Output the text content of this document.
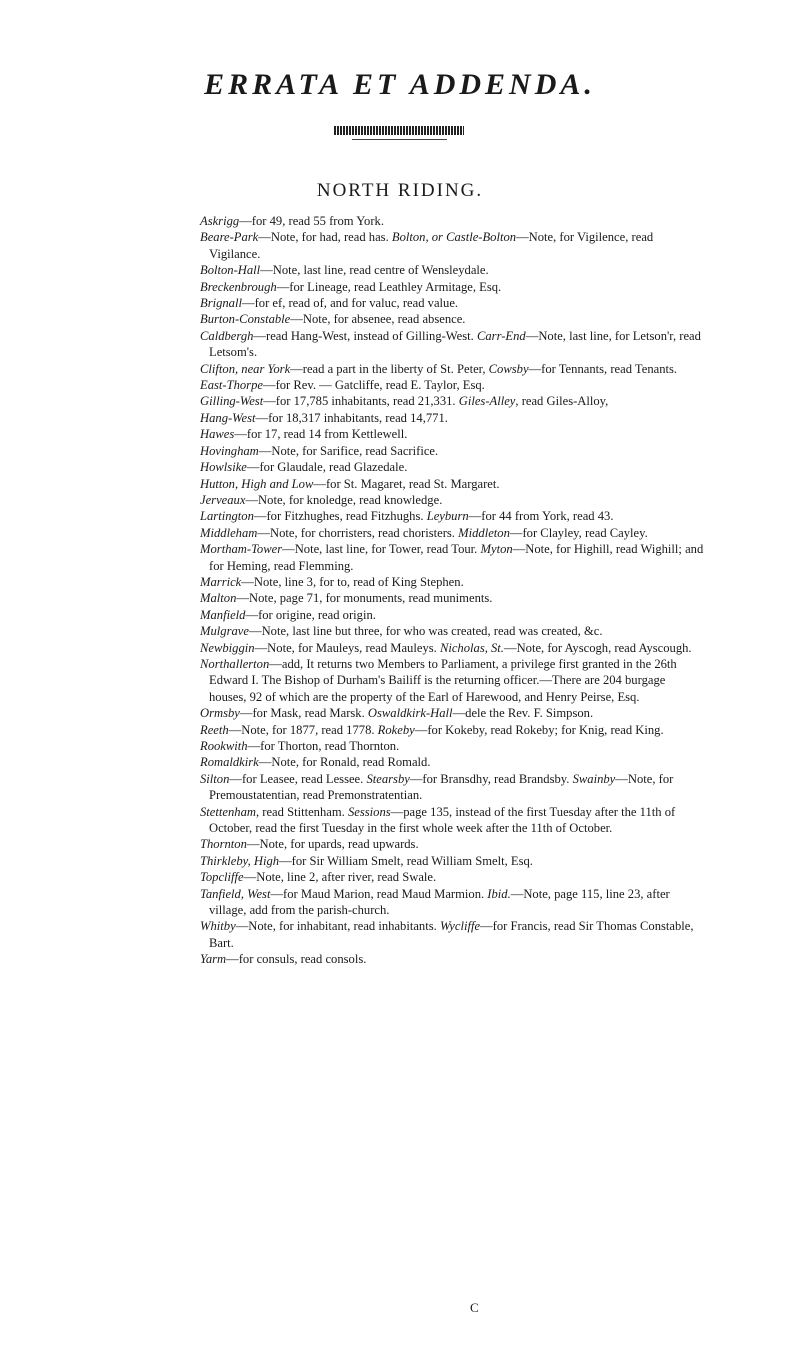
ERRATA ET ADDENDA.
NORTH RIDING.
Askrigg—for 49, read 55 from York.
Beare-Park—Note, for had, read has. Bolton, or Castle-Bolton—Note, for Vigilence, read Vigilance.
Bolton-Hall—Note, last line, read centre of Wensleydale.
Breckenbrough—for Lineage, read Leathley Armitage, Esq.
Brignall—for ef, read of, and for valuc, read value.
Burton-Constable—Note, for absenee, read absence.
Caldbergh—read Hang-West, instead of Gilling-West. Carr-End—Note, last line, for Letson'r, read Letsom's.
Clifton, near York—read a part in the liberty of St. Peter, Cowsby—for Tennants, read Tenants.
East-Thorpe—for Rev. — Gatcliffe, read E. Taylor, Esq.
Gilling-West—for 17,785 inhabitants, read 21,331. Giles-Alley, read Giles-Alloy,
Hang-West—for 18,317 inhabitants, read 14,771.
Hawes—for 17, read 14 from Kettlewell.
Hovingham—Note, for Sarifice, read Sacrifice.
Howlsike—for Glaudale, read Glazedale.
Hutton, High and Low—for St. Magaret, read St. Margaret.
Jerveaux—Note, for knoledge, read knowledge.
Lartington—for Fitzhughes, read Fitzhughs. Leyburn—for 44 from York, read 43.
Middleham—Note, for chorristers, read choristers. Middleton—for Clayley, read Cayley.
Mortham-Tower—Note, last line, for Tower, read Tour. Myton—Note, for Highill, read Wighill; and for Heming, read Flemming.
Marrick—Note, line 3, for to, read of King Stephen.
Malton—Note, page 71, for monuments, read muniments.
Manfield—for origine, read origin.
Mulgrave—Note, last line but three, for who was created, read was created, &c.
Newbiggin—Note, for Mauleys, read Mauleys. Nicholas, St.—Note, for Ayscogh, read Ayscough.
Northallerton—add, It returns two Members to Parliament, a privilege first granted in the 26th Edward I. The Bishop of Durham's Bailiff is the returning officer.—There are 204 burgage houses, 92 of which are the property of the Earl of Harewood, and Henry Peirse, Esq.
Ormsby—for Mask, read Marsk. Oswaldkirk-Hall—dele the Rev. F. Simpson.
Reeth—Note, for 1877, read 1778. Rokeby—for Kokeby, read Rokeby; for Knig, read King.
Rookwith—for Thorton, read Thornton.
Romaldkirk—Note, for Ronald, read Romald.
Silton—for Leasee, read Lessee. Stearsby—for Bransdhy, read Brandsby. Swainby—Note, for Premoustatentian, read Premonstratentian.
Stettenham, read Stittenham. Sessions—page 135, instead of the first Tuesday after the 11th of October, read the first Tuesday in the first whole week after the 11th of October.
Thornton—Note, for upards, read upwards.
Thirkleby, High—for Sir William Smelt, read William Smelt, Esq.
Topcliffe—Note, line 2, after river, read Swale.
Tanfield, West—for Maud Marion, read Maud Marmion. Ibid.—Note, page 115, line 23, after village, add from the parish-church.
Whitby—Note, for inhabitant, read inhabitants. Wycliffe—for Francis, read Sir Thomas Constable, Bart.
Yarm—for consuls, read consols.
C
